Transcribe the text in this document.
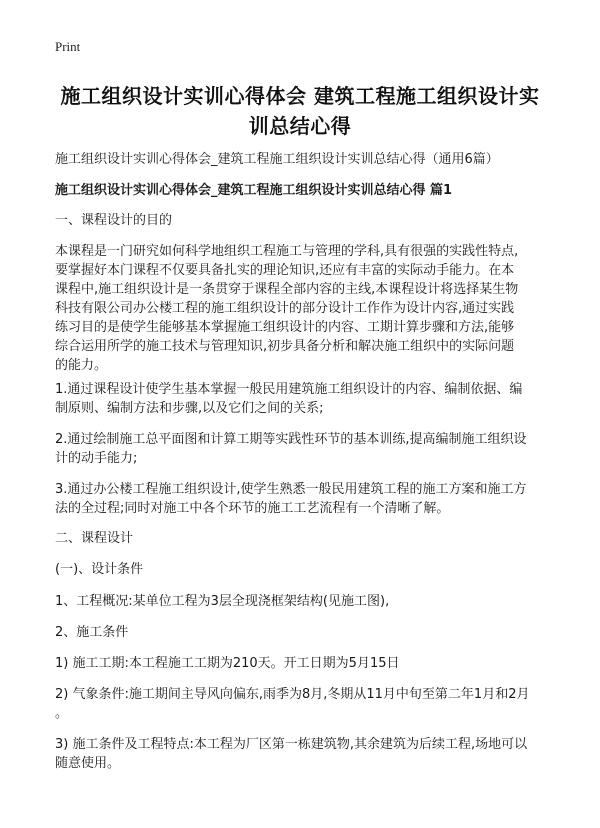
Print
施工组织设计实训心得体会 建筑工程施工组织设计实
训总结心得
施工组织设计实训心得体会_建筑工程施工组织设计实训总结心得（通用6篇）
施工组织设计实训心得体会_建筑工程施工组织设计实训总结心得 篇1
一、课程设计的目的
本课程是一门研究如何科学地组织工程施工与管理的学科,具有很强的实践性特点,
要掌握好本门课程不仅要具备扎实的理论知识,还应有丰富的实际动手能力。在本
课程中,施工组织设计是一条贯穿于课程全部内容的主线,本课程设计将选择某生物
科技有限公司办公楼工程的施工组织设计的部分设计工作作为设计内容,通过实践
练习目的是使学生能够基本掌握施工组织设计的内容、工期计算步骤和方法,能够
综合运用所学的施工技术与管理知识,初步具备分析和解决施工组织中的实际问题
的能力。
1.通过课程设计使学生基本掌握一般民用建筑施工组织设计的内容、编制依据、编
制原则、编制方法和步骤,以及它们之间的关系;
2.通过绘制施工总平面图和计算工期等实践性环节的基本训练,提高编制施工组织设
计的动手能力;
3.通过办公楼工程施工组织设计,使学生熟悉一般民用建筑工程的施工方案和施工方
法的全过程;同时对施工中各个环节的施工工艺流程有一个清晰了解。
二、课程设计
(一)、设计条件
1、工程概况:某单位工程为3层全现浇框架结构(见施工图),
2、施工条件
1) 施工工期:本工程施工工期为210天。开工日期为5月15日
2) 气象条件:施工期间主导风向偏东,雨季为8月,冬期从11月中旬至第二年1月和2月
。
3) 施工条件及工程特点:本工程为厂区第一栋建筑物,其余建筑为后续工程,场地可以
随意使用。
